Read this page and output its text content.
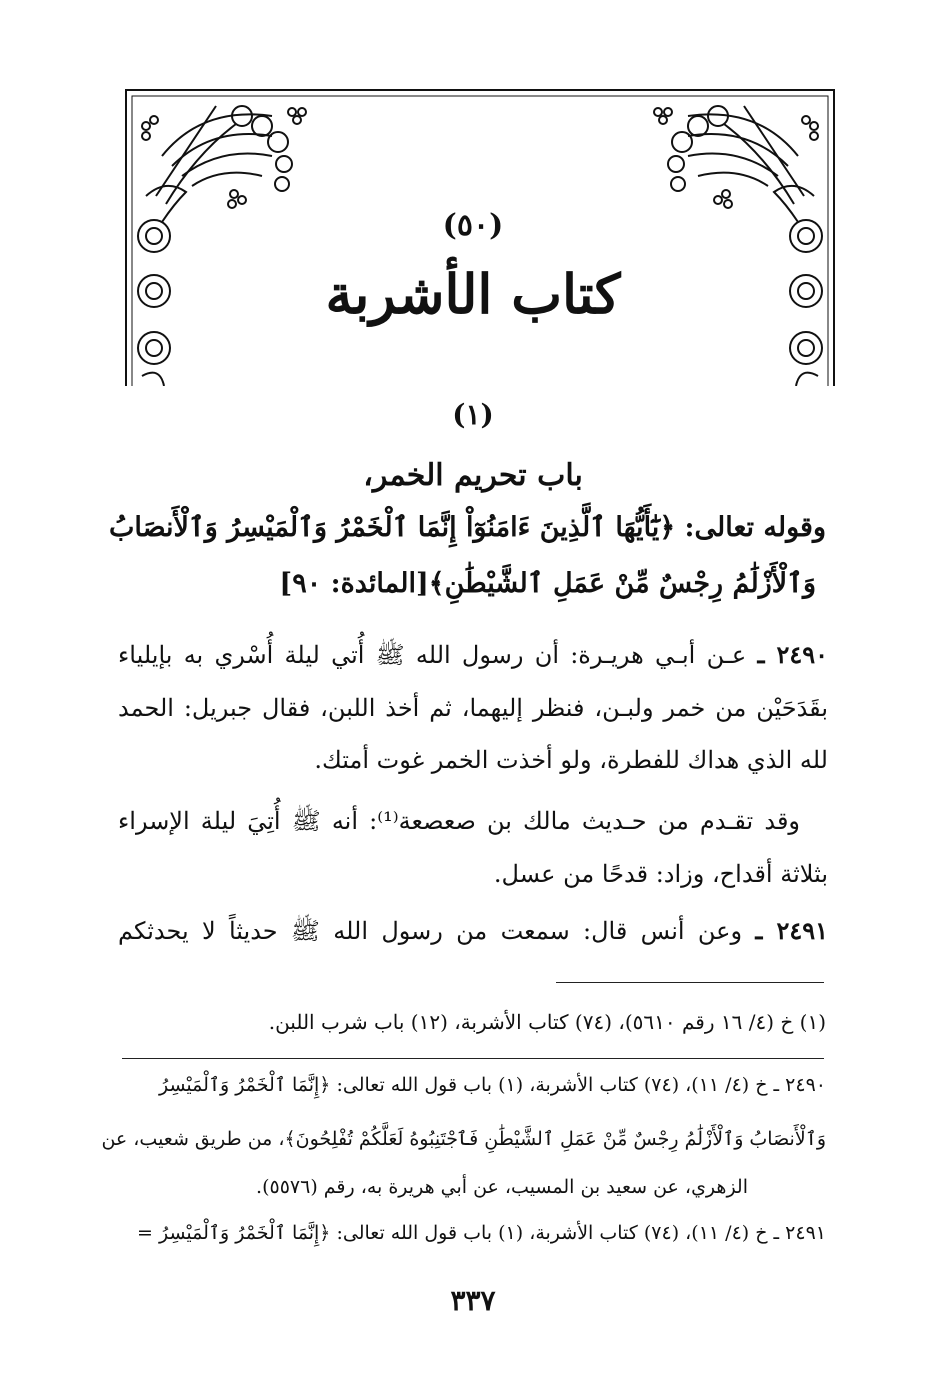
(٥٠)
كتاب الأشربة
(١)
باب تحريم الخمر،
وقوله تعالى: ﴿يَٰٓأَيُّهَا ٱلَّذِينَ ءَامَنُوٓاْ إِنَّمَا ٱلْخَمْرُ وَٱلْمَيْسِرُ وَٱلْأَنصَابُ
وَٱلْأَزْلَٰمُ رِجْسٌ مِّنْ عَمَلِ ٱلشَّيْطَٰنِ﴾[المائدة: ٩٠]
٢٤٩٠ ـ عـن أبـي هريـرة: أن رسول الله ﷺ أُتي ليلة أُسْري به بإيلياء
بقَدَحَيْن من خمر ولبـن، فنظر إليهما، ثم أخذ اللبن، فقال جبريل: الحمد
لله الذي هداك للفطرة، ولو أخذت الخمر غوت أمتك.
وقد تقـدم من حـديث مالك بن صعصعة⁽¹⁾: أنه ﷺ أُتِيَ ليلة الإسراء
بثلاثة أقداح، وزاد: قدحًا من عسل.
٢٤٩١ ـ وعن أنس قال: سمعت من رسول الله ﷺ حديثاً لا يحدثكم
(١) خ (٤/ ١٦ رقم ٥٦١٠)، (٧٤) كتاب الأشربة، (١٢) باب شرب اللبن.
٢٤٩٠ ـ خ (٤/ ١١)، (٧٤) كتاب الأشربة، (١) باب قول الله تعالى: ﴿إِنَّمَا ٱلْخَمْرُ وَٱلْمَيْسِرُ
وَٱلْأَنصَابُ وَٱلْأَزْلَٰمُ رِجْسٌ مِّنْ عَمَلِ ٱلشَّيْطَٰنِ فَٱجْتَنِبُوهُ لَعَلَّكُمْ تُفْلِحُونَ﴾، من طريق شعيب، عن
الزهري، عن سعيد بن المسيب، عن أبي هريرة به، رقم (٥٥٧٦).
٢٤٩١ ـ خ (٤/ ١١)، (٧٤) كتاب الأشربة، (١) باب قول الله تعالى: ﴿إِنَّمَا ٱلْخَمْرُ وَٱلْمَيْسِرُ =
٣٣٧
